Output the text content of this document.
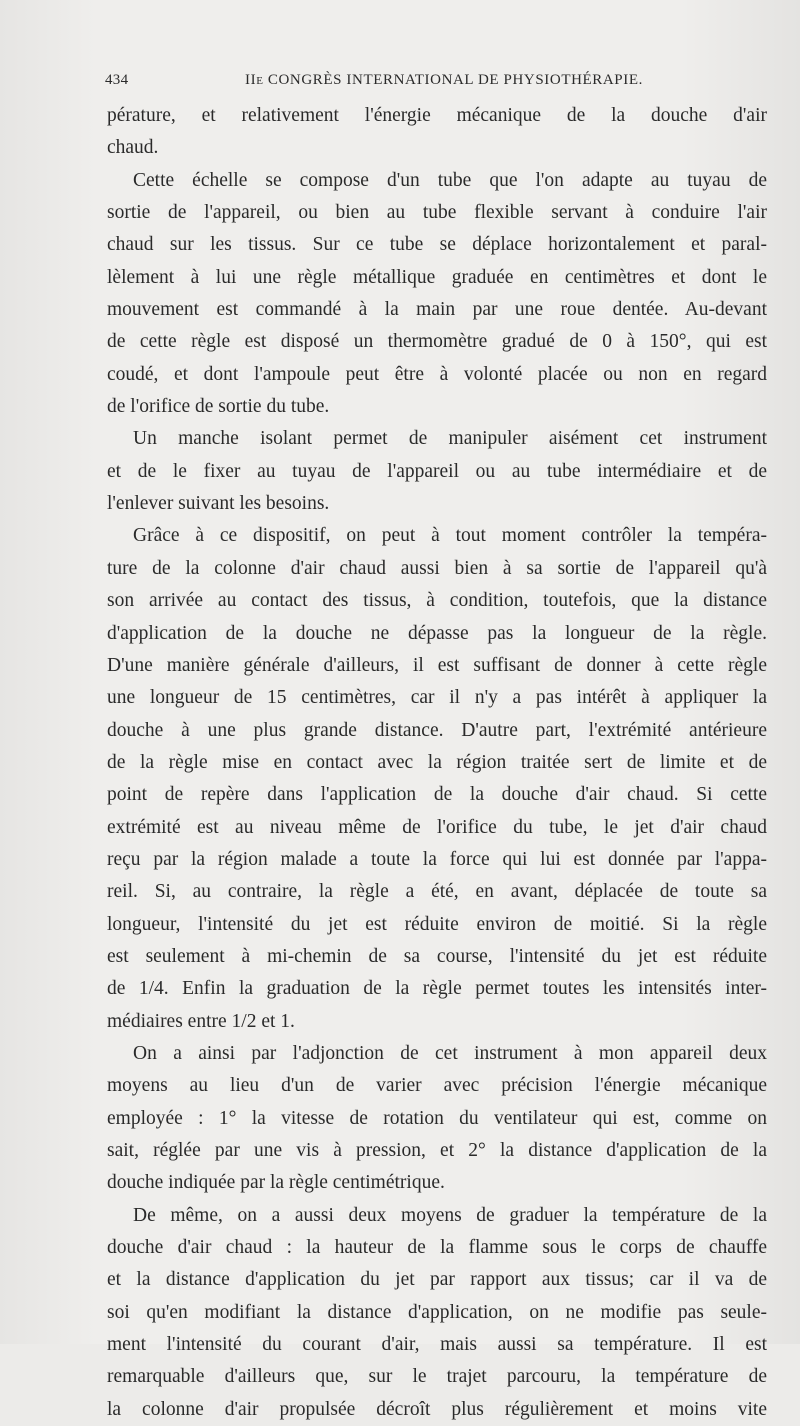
434	IIe CONGRÈS INTERNATIONAL DE PHYSIOTHÉRAPIE.
pérature, et relativement l'énergie mécanique de la douche d'air
chaud.
Cette échelle se compose d'un tube que l'on adapte au tuyau de
sortie de l'appareil, ou bien au tube flexible servant à conduire l'air
chaud sur les tissus. Sur ce tube se déplace horizontalement et paral-
lèlement à lui une règle métallique graduée en centimètres et dont le
mouvement est commandé à la main par une roue dentée. Au-devant
de cette règle est disposé un thermomètre gradué de 0 à 150°, qui est
coudé, et dont l'ampoule peut être à volonté placée ou non en regard
de l'orifice de sortie du tube.
Un manche isolant permet de manipuler aisément cet instrument
et de le fixer au tuyau de l'appareil ou au tube intermédiaire et de
l'enlever suivant les besoins.
Grâce à ce dispositif, on peut à tout moment contrôler la tempéra-
ture de la colonne d'air chaud aussi bien à sa sortie de l'appareil qu'à
son arrivée au contact des tissus, à condition, toutefois, que la distance
d'application de la douche ne dépasse pas la longueur de la règle.
D'une manière générale d'ailleurs, il est suffisant de donner à cette règle
une longueur de 15 centimètres, car il n'y a pas intérêt à appliquer la
douche à une plus grande distance. D'autre part, l'extrémité antérieure
de la règle mise en contact avec la région traitée sert de limite et de
point de repère dans l'application de la douche d'air chaud. Si cette
extrémité est au niveau même de l'orifice du tube, le jet d'air chaud
reçu par la région malade a toute la force qui lui est donnée par l'appa-
reil. Si, au contraire, la règle a été, en avant, déplacée de toute sa
longueur, l'intensité du jet est réduite environ de moitié. Si la règle
est seulement à mi-chemin de sa course, l'intensité du jet est réduite
de 1/4. Enfin la graduation de la règle permet toutes les intensités inter-
médiaires entre 1/2 et 1.
On a ainsi par l'adjonction de cet instrument à mon appareil deux
moyens au lieu d'un de varier avec précision l'énergie mécanique
employée : 1° la vitesse de rotation du ventilateur qui est, comme on
sait, réglée par une vis à pression, et 2° la distance d'application de la
douche indiquée par la règle centimétrique.
De même, on a aussi deux moyens de graduer la température de la
douche d'air chaud : la hauteur de la flamme sous le corps de chauffe
et la distance d'application du jet par rapport aux tissus; car il va de
soi qu'en modifiant la distance d'application, on ne modifie pas seule-
ment l'intensité du courant d'air, mais aussi sa température. Il est
remarquable d'ailleurs que, sur le trajet parcouru, la température de
la colonne d'air propulsée décroît plus régulièrement et moins vite
